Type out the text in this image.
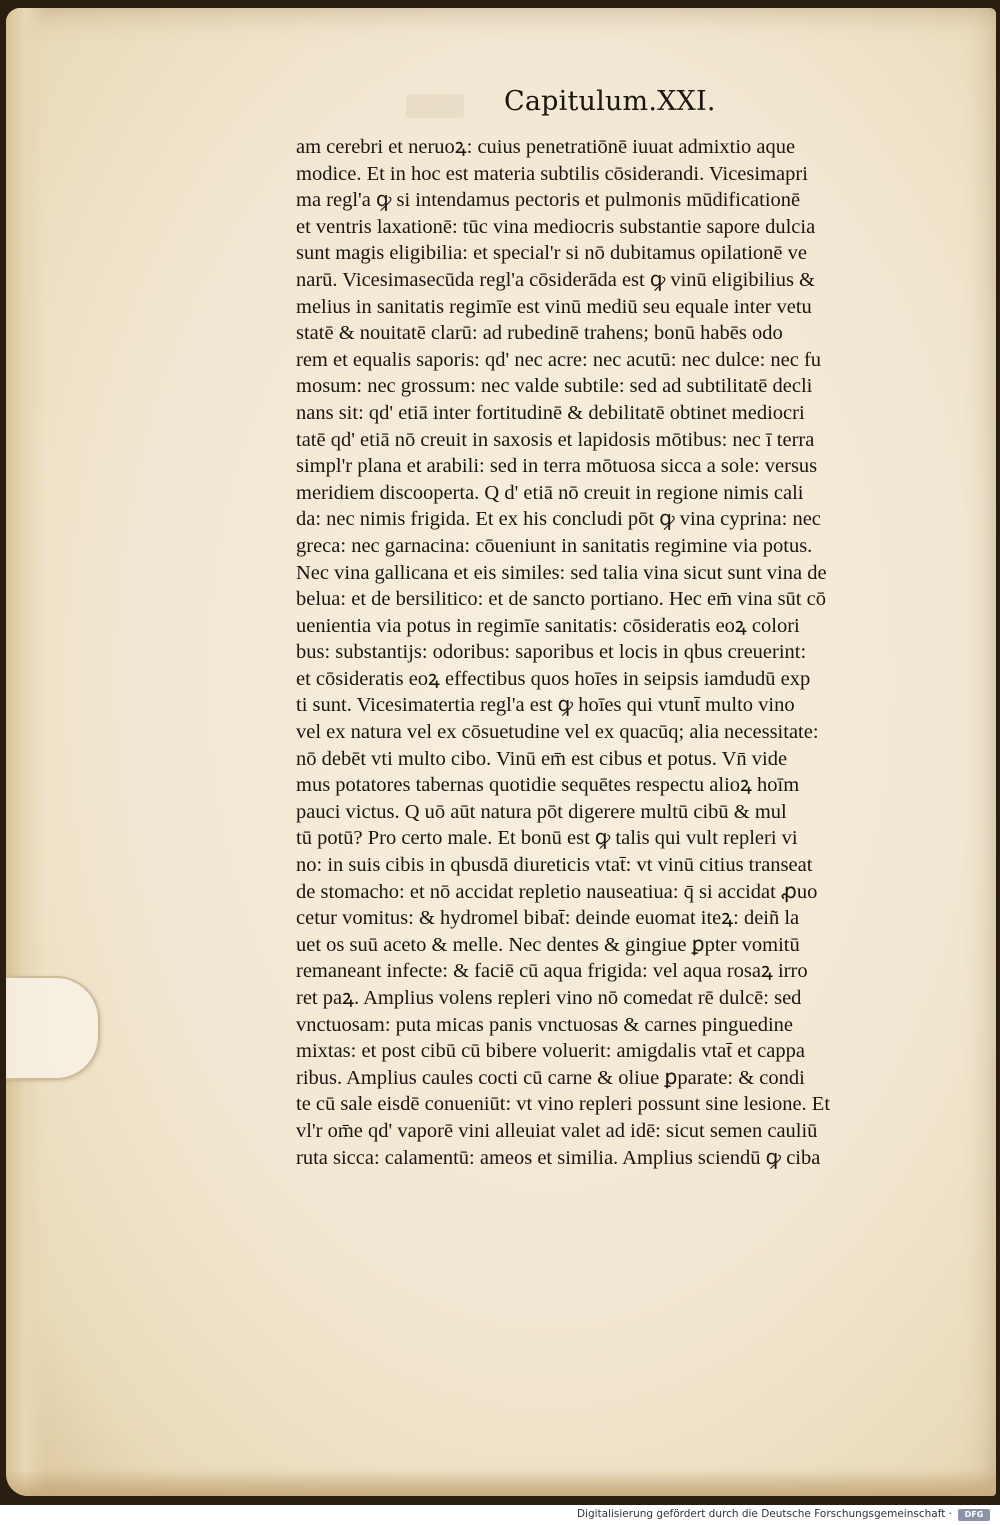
Capitulum.XXI.
am cerebri et neruoꝝ: cuius penetratiōnē iuuat admixtio aque
modice. Et in hoc est materia subtilis cōsiderandi. Vicesimapri
ma regl'a ꝙ si intendamus pectoris et pulmonis mūdificationē
et ventris laxationē: tūc vina mediocris substantie sapore dulcia
sunt magis eligibilia: et special'r si nō dubitamus opilationē ve
narū. Vicesimasecūda regl'a cōsiderāda est ꝙ vinū eligibilius &
melius in sanitatis regimīe est vinū mediū seu equale inter vetu
statē & nouitatē clarū: ad rubedinē trahens; bonū habēs odo
rem et equalis saporis: qd' nec acre: nec acutū: nec dulce: nec fu
mosum: nec grossum: nec valde subtile: sed ad subtilitatē decli
nans sit: qd' etiā inter fortitudinē & debilitatē obtinet mediocri
tatē qd' etiā nō creuit in saxosis et lapidosis mōtibus: nec ī terra
simpl'r plana et arabili: sed in terra mōtuosa sicca a sole: versus
meridiem discooperta. Q d' etiā nō creuit in regione nimis cali
da: nec nimis frigida. Et ex his concludi pōt ꝙ vina cyprina: nec
greca: nec garnacina: cōueniunt in sanitatis regimine via potus.
Nec vina gallicana et eis similes: sed talia vina sicut sunt vina de
belua: et de bersilitico: et de sancto portiano. Hec em̄ vina sūt cō
uenientia via potus in regimīe sanitatis: cōsideratis eoꝝ colori
bus: substantijs: odoribus: saporibus et locis in qbus creuerint:
et cōsideratis eoꝝ effectibus quos hoīes in seipsis iamdudū exp
ti sunt. Vicesimatertia regl'a est ꝙ hoīes qui vtunt̄ multo vino
vel ex natura vel ex cōsuetudine vel ex quacūq; alia necessitate:
nō debēt vti multo cibo. Vinū em̄ est cibus et potus. Vn̄ vide
mus potatores tabernas quotidie sequētes respectu alioꝝ hoīm
pauci victus. Q uō aūt natura pōt digerere multū cibū & mul
tū potū? Pro certo male. Et bonū est ꝙ talis qui vult repleri vi
no: in suis cibis in qbusdā diureticis vtat̄: vt vinū citius transeat
de stomacho: et nō accidat repletio nauseatiua: q̄ si accidat ꝓuo
cetur vomitus: & hydromel bibat̄: deinde euomat iteꝝ: deiñ la
uet os suū aceto & melle. Nec dentes & gingiue ꝑpter vomitū
remaneant infecte: & faciē cū aqua frigida: vel aqua rosaꝝ irro
ret paꝝ. Amplius volens repleri vino nō comedat rē dulcē: sed
vnctuosam: puta micas panis vnctuosas & carnes pinguedine
mixtas: et post cibū cū bibere voluerit: amigdalis vtat̄ et cappa
ribus. Amplius caules cocti cū carne & oliue ꝑparate: & condi
te cū sale eisdē conueniūt: vt vino repleri possunt sine lesione. Et
vl'r om̄e qd' vaporē vini alleuiat valet ad idē: sicut semen cauliū
ruta sicca: calamentū: ameos et similia. Amplius sciendū ꝙ ciba
Digitalisierung gefördert durch die Deutsche Forschungsgemeinschaft ·	DFG
